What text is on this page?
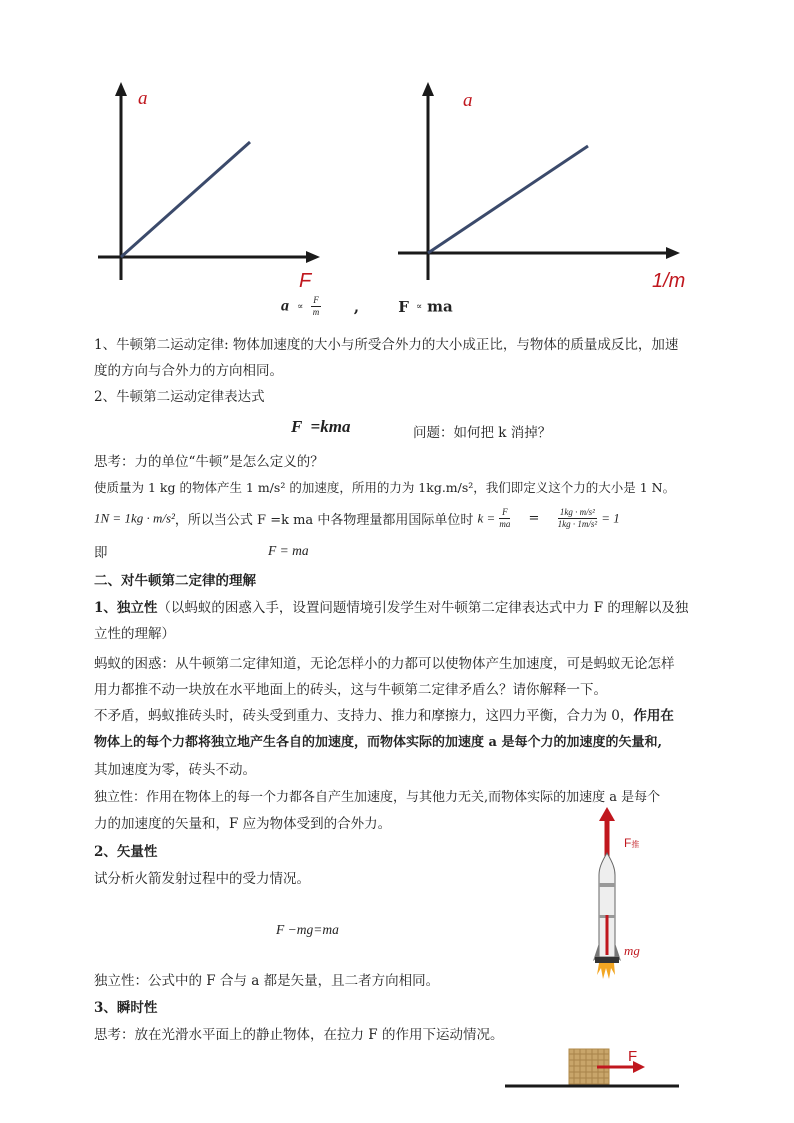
a
F
a
1/m
$a \propto \frac{F}{m}$ ,	F ∝ ma
1、牛顿第二运动定律: 物体加速度的大小与所受合外力的大小成正比，与物体的质量成反比，加速
度的方向与合外力的方向相同。
2、牛顿第二运动定律表达式
F  =kma	问题：如何把 k 消掉？
思考：力的单位“牛顿”是怎么定义的？
使质量为 1 kg 的物体产生 1 m/s² 的加速度，所用的力为 1kg.m/s²，我们即定义这个力的大小是 1 N。
1N = 1kg · m/s²，所以当公式 F =k ma 中各物理量都用国际单位时 $k = \frac{F}{ma} = \frac{\text{1kg · m/s²}}{\text{1kg · 1m/s²}} = 1$
即	F = ma
二、对牛顿第二定律的理解
1、独立性（以蚂蚁的困惑入手，设置问题情境引发学生对牛顿第二定律表达式中力 F 的理解以及独
立性的理解）
蚂蚁的困惑：从牛顿第二定律知道，无论怎样小的力都可以使物体产生加速度，可是蚂蚁无论怎样
用力都推不动一块放在水平地面上的砖头，这与牛顿第二定律矛盾么？请你解释一下。
不矛盾，蚂蚁推砖头时，砖头受到重力、支持力、推力和摩擦力，这四力平衡，合力为 0，作用在
物体上的每个力都将独立地产生各自的加速度，而物体实际的加速度 a 是每个力的加速度的矢量和,
其加速度为零，砖头不动。
独立性：作用在物体上的每一个力都各自产生加速度，与其他力无关,而物体实际的加速度 a 是每个
力的加速度的矢量和，F 应为物体受到的合外力。
2、矢量性
试分析火箭发射过程中的受力情况。
F −mg=ma
独立性：公式中的 F 合与 a 都是矢量，且二者方向相同。
3、瞬时性
思考：放在光滑水平面上的静止物体，在拉力 F 的作用下运动情况。
F推
mg
F
